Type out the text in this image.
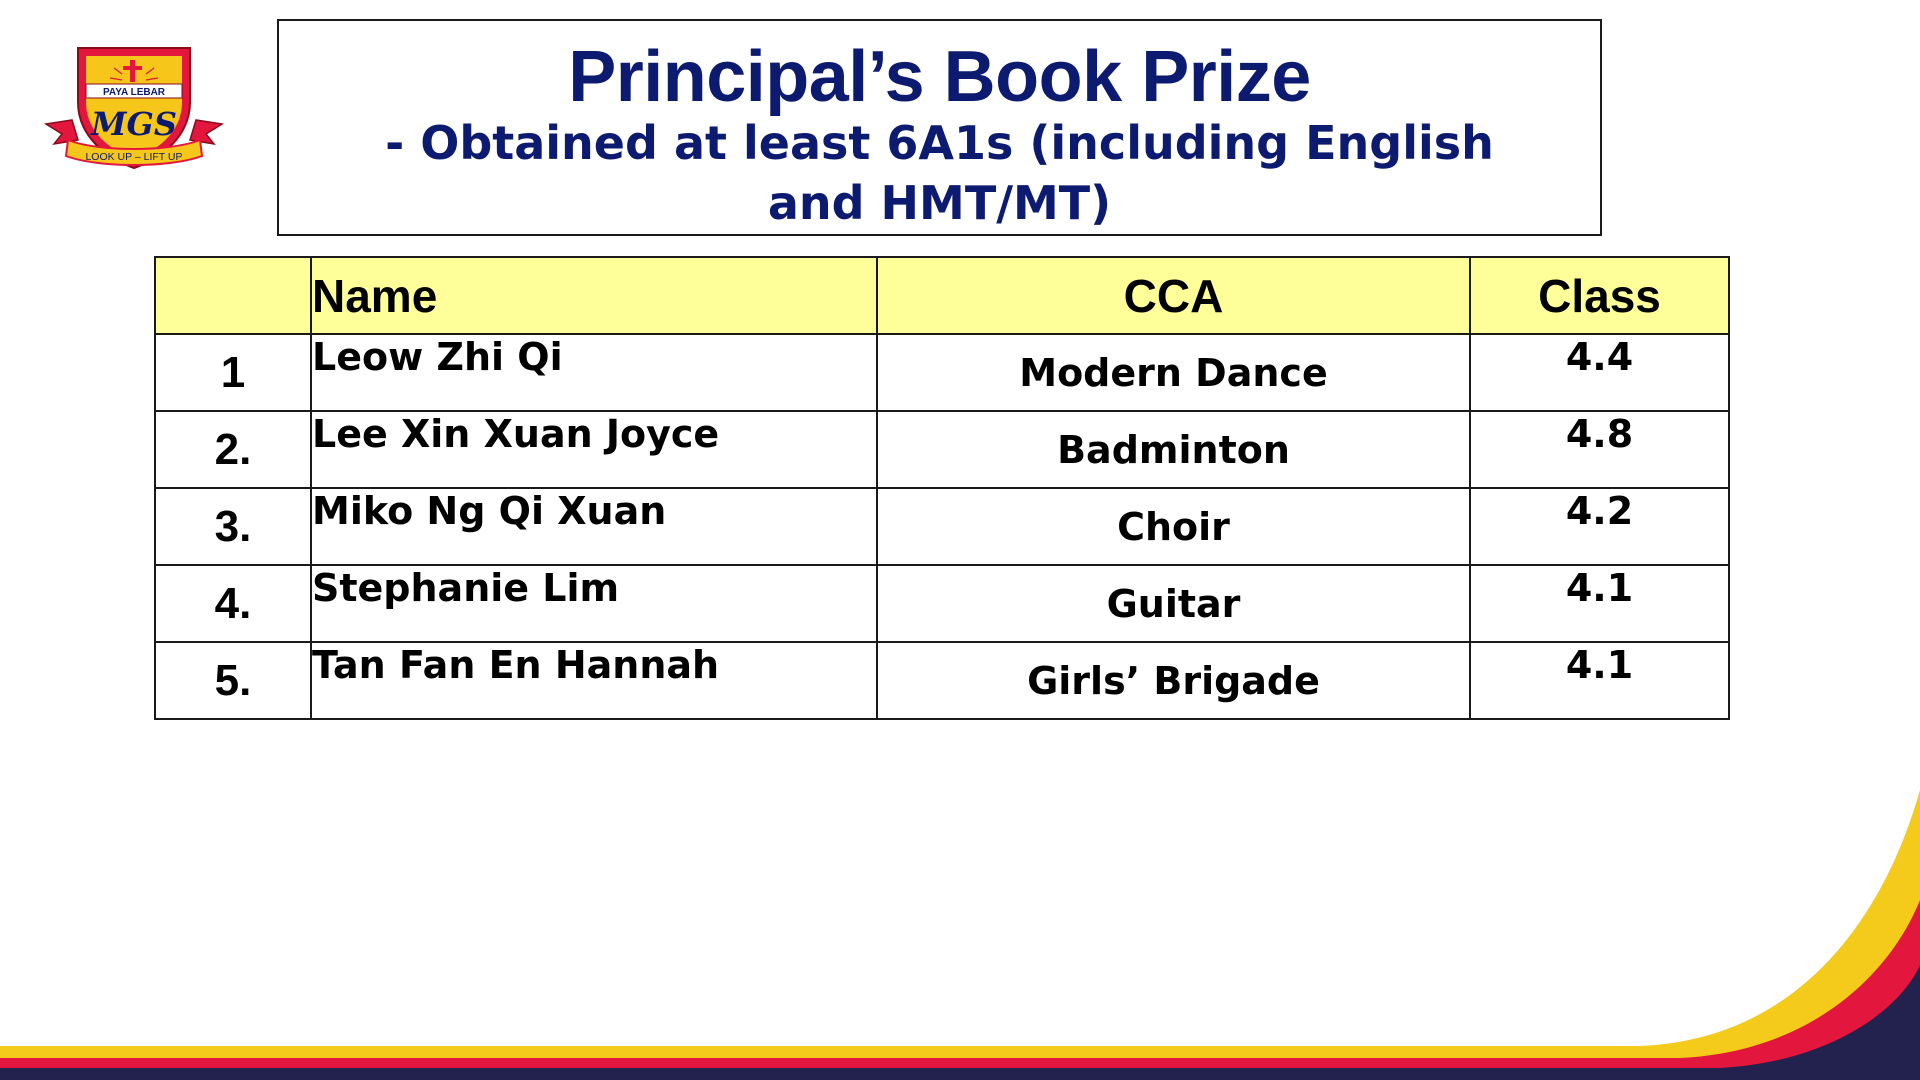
PAYA LEBAR
MGS
LOOK UP – LIFT UP
Principal’s Book Prize
- Obtained at least 6A1s (including English and HMT/MT)
	Name	CCA	Class
1	Leow Zhi Qi	Modern Dance	4.4
2.	Lee Xin Xuan Joyce	Badminton	4.8
3.	Miko Ng Qi Xuan	Choir	4.2
4.	Stephanie Lim	Guitar	4.1
5.	Tan Fan En Hannah	Girls’ Brigade	4.1
